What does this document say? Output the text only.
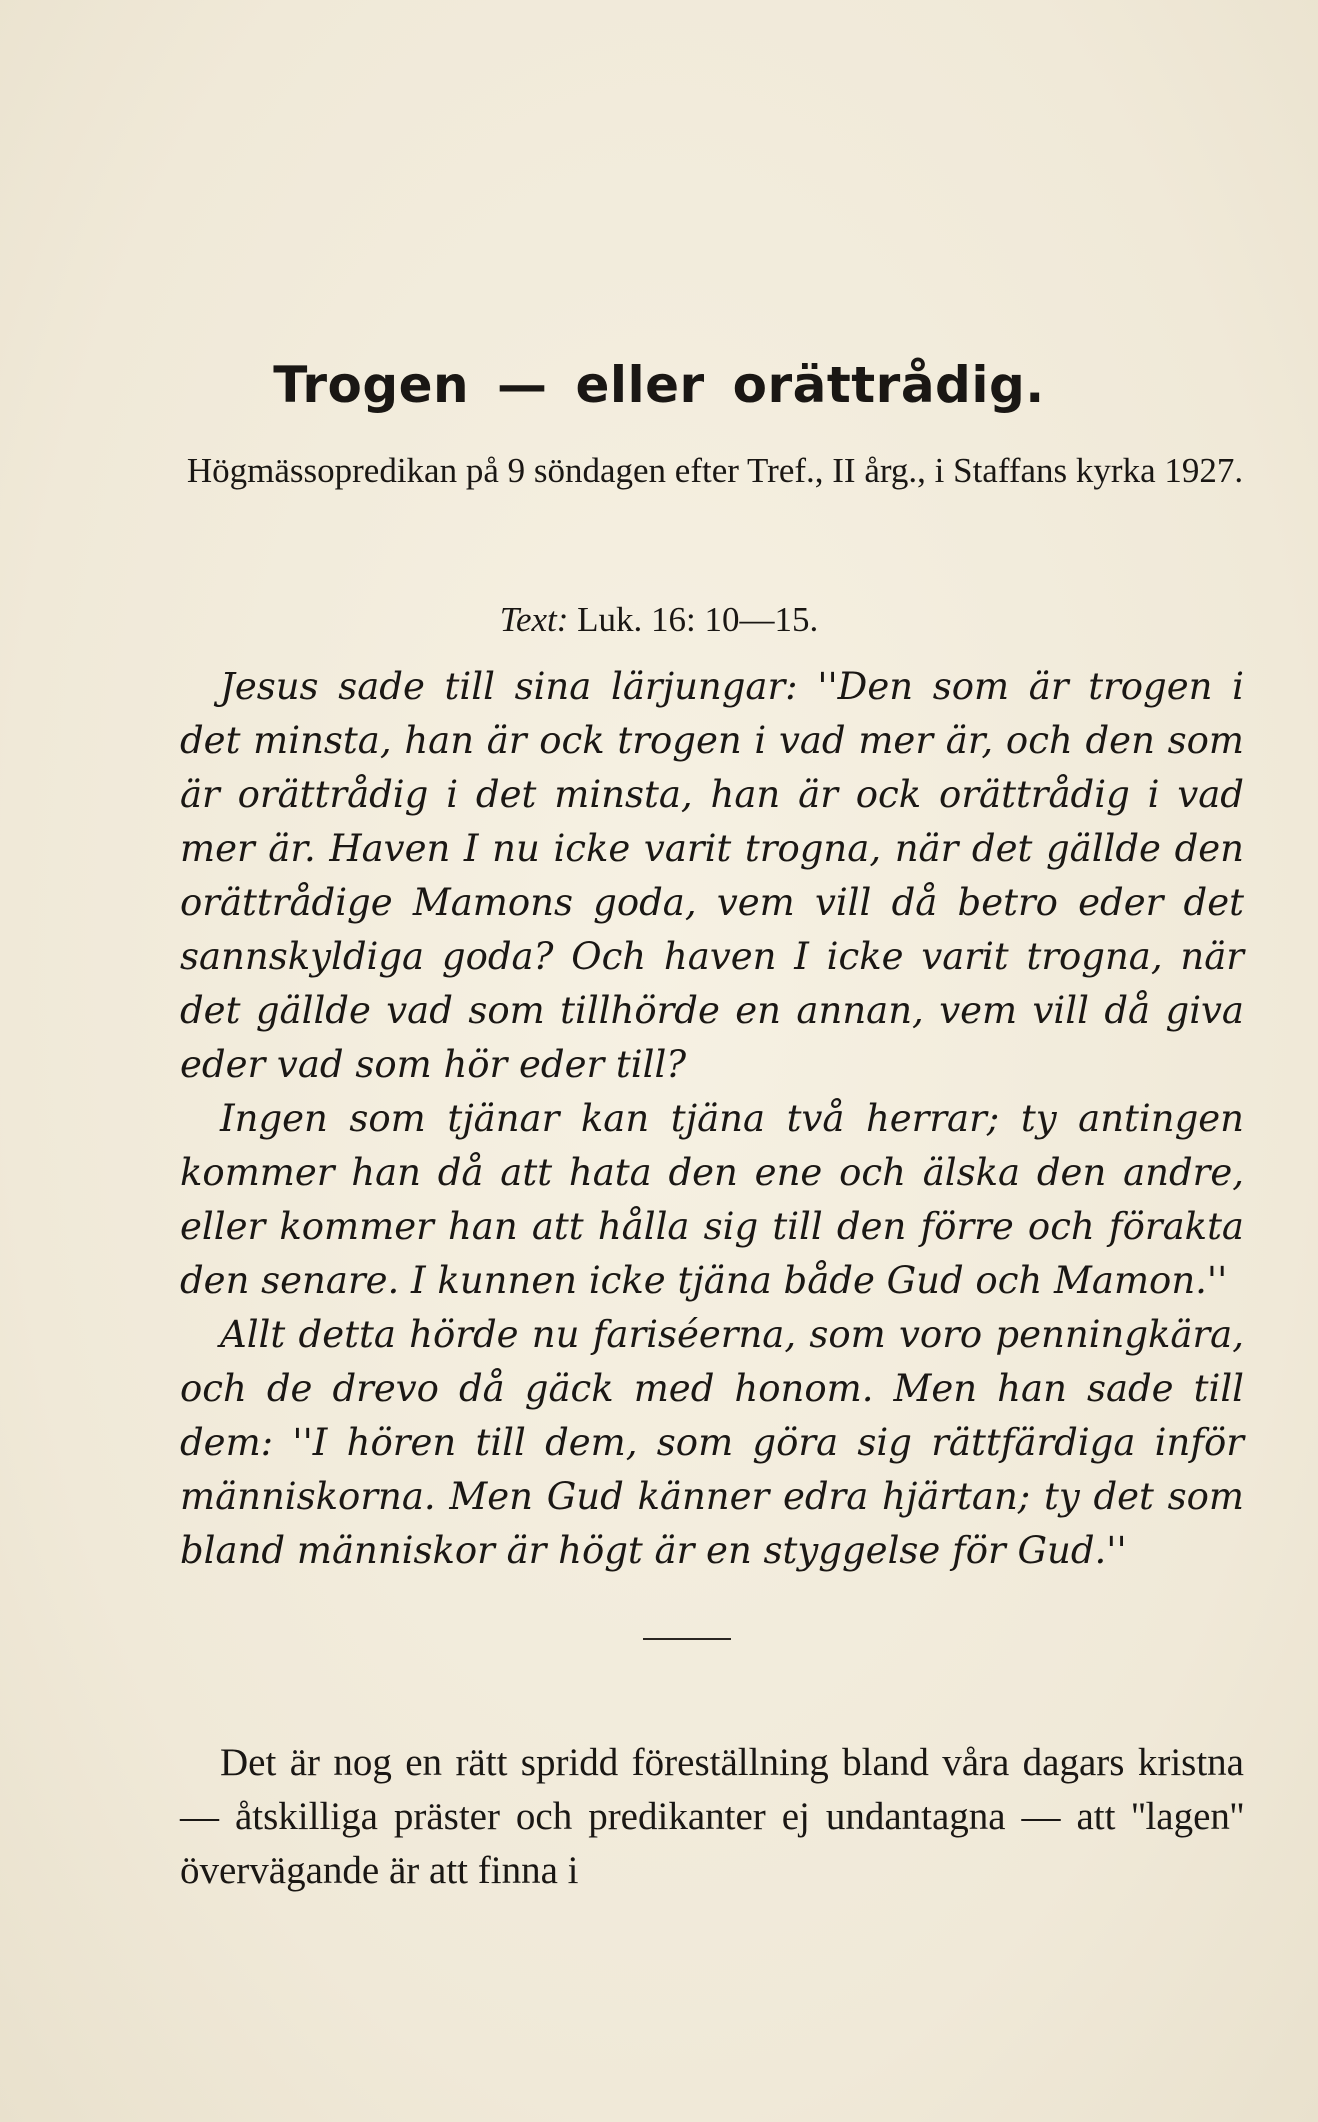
Trogen — eller orättrådig.
Högmässopredikan på 9 söndagen efter Tref., II årg., i Staffans kyrka 1927.
Text: Luk. 16: 10—15.

Jesus sade till sina lärjungar: ''Den som är trogen i det minsta, han är ock trogen i vad mer är, och den som är orättrådig i det minsta, han är ock orättrådig i vad mer är. Haven I nu icke varit trogna, när det gällde den orättrådige Mamons goda, vem vill då betro eder det sannskyldiga goda? Och haven I icke varit trogna, när det gällde vad som tillhörde en annan, vem vill då giva eder vad som hör eder till?

Ingen som tjänar kan tjäna två herrar; ty antingen kommer han då att hata den ene och älska den andre, eller kommer han att hålla sig till den förre och förakta den senare. I kunnen icke tjäna både Gud och Mamon.''

Allt detta hörde nu fariséerna, som voro penningkära, och de drevo då gäck med honom. Men han sade till dem: ''I hören till dem, som göra sig rättfärdiga inför människorna. Men Gud känner edra hjärtan; ty det som bland människor är högt är en styggelse för Gud.''

Det är nog en rätt spridd föreställning bland våra dagars kristna — åtskilliga präster och predikanter ej undantagna — att ''lagen'' övervägande är att finna i
